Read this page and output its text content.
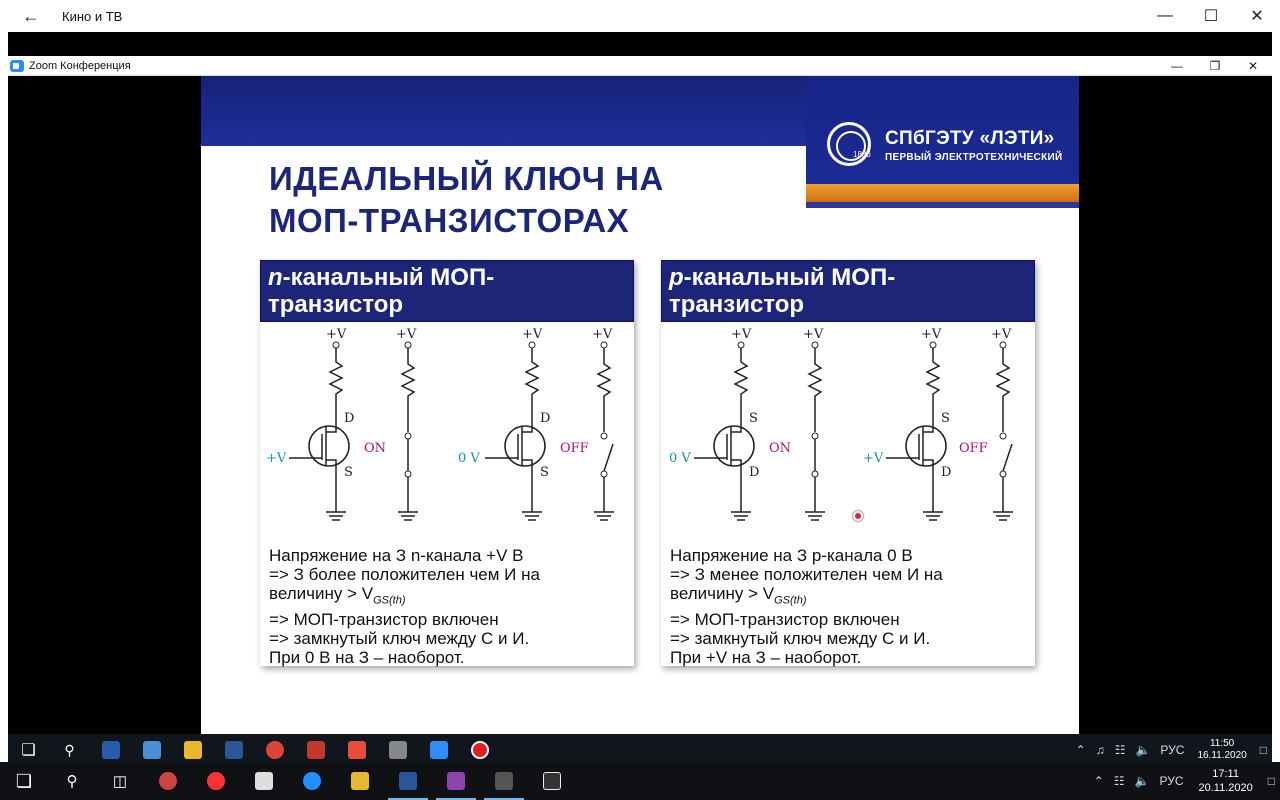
←	Кино и ТВ	—	☐	✕
Zoom Конференция	—	❐	✕
ИДЕАЛЬНЫЙ КЛЮЧ НА
МОП-ТРАНЗИСТОРАХ
1886
СПбГЭТУ «ЛЭТИ»
ПЕРВЫЙ ЭЛЕКТРОТЕХНИЧЕСКИЙ
n-канальный МОП-
транзистор
+V
D
+V
S
+V
ON
+V
D
0 V
S
+V
OFF
Напряжение на З n-канала +V В
=> З более положителен чем И на
величину > $V_{GS(th)}$
=> МОП-транзистор включен
=> замкнутый ключ между С и И.
При 0 В на З – наоборот.
p-канальный МОП-
транзистор
+V
S
0 V
D
+V
ON
+V
S
+V
D
+V
OFF
Напряжение на З p-канала 0 В
=> З менее положителен чем И на
величину > $V_{GS(th)}$
=> МОП-транзистор включен
=> замкнутый ключ между С и И.
При +V на З – наоборот.
❏ ⚲	⌃ ♫ ☷ 🔈 РУС	11:50
16.11.2020	□
❏ ⚲ ◫	⌃ ☷ 🔈 РУС	17:11
20.11.2020	□
